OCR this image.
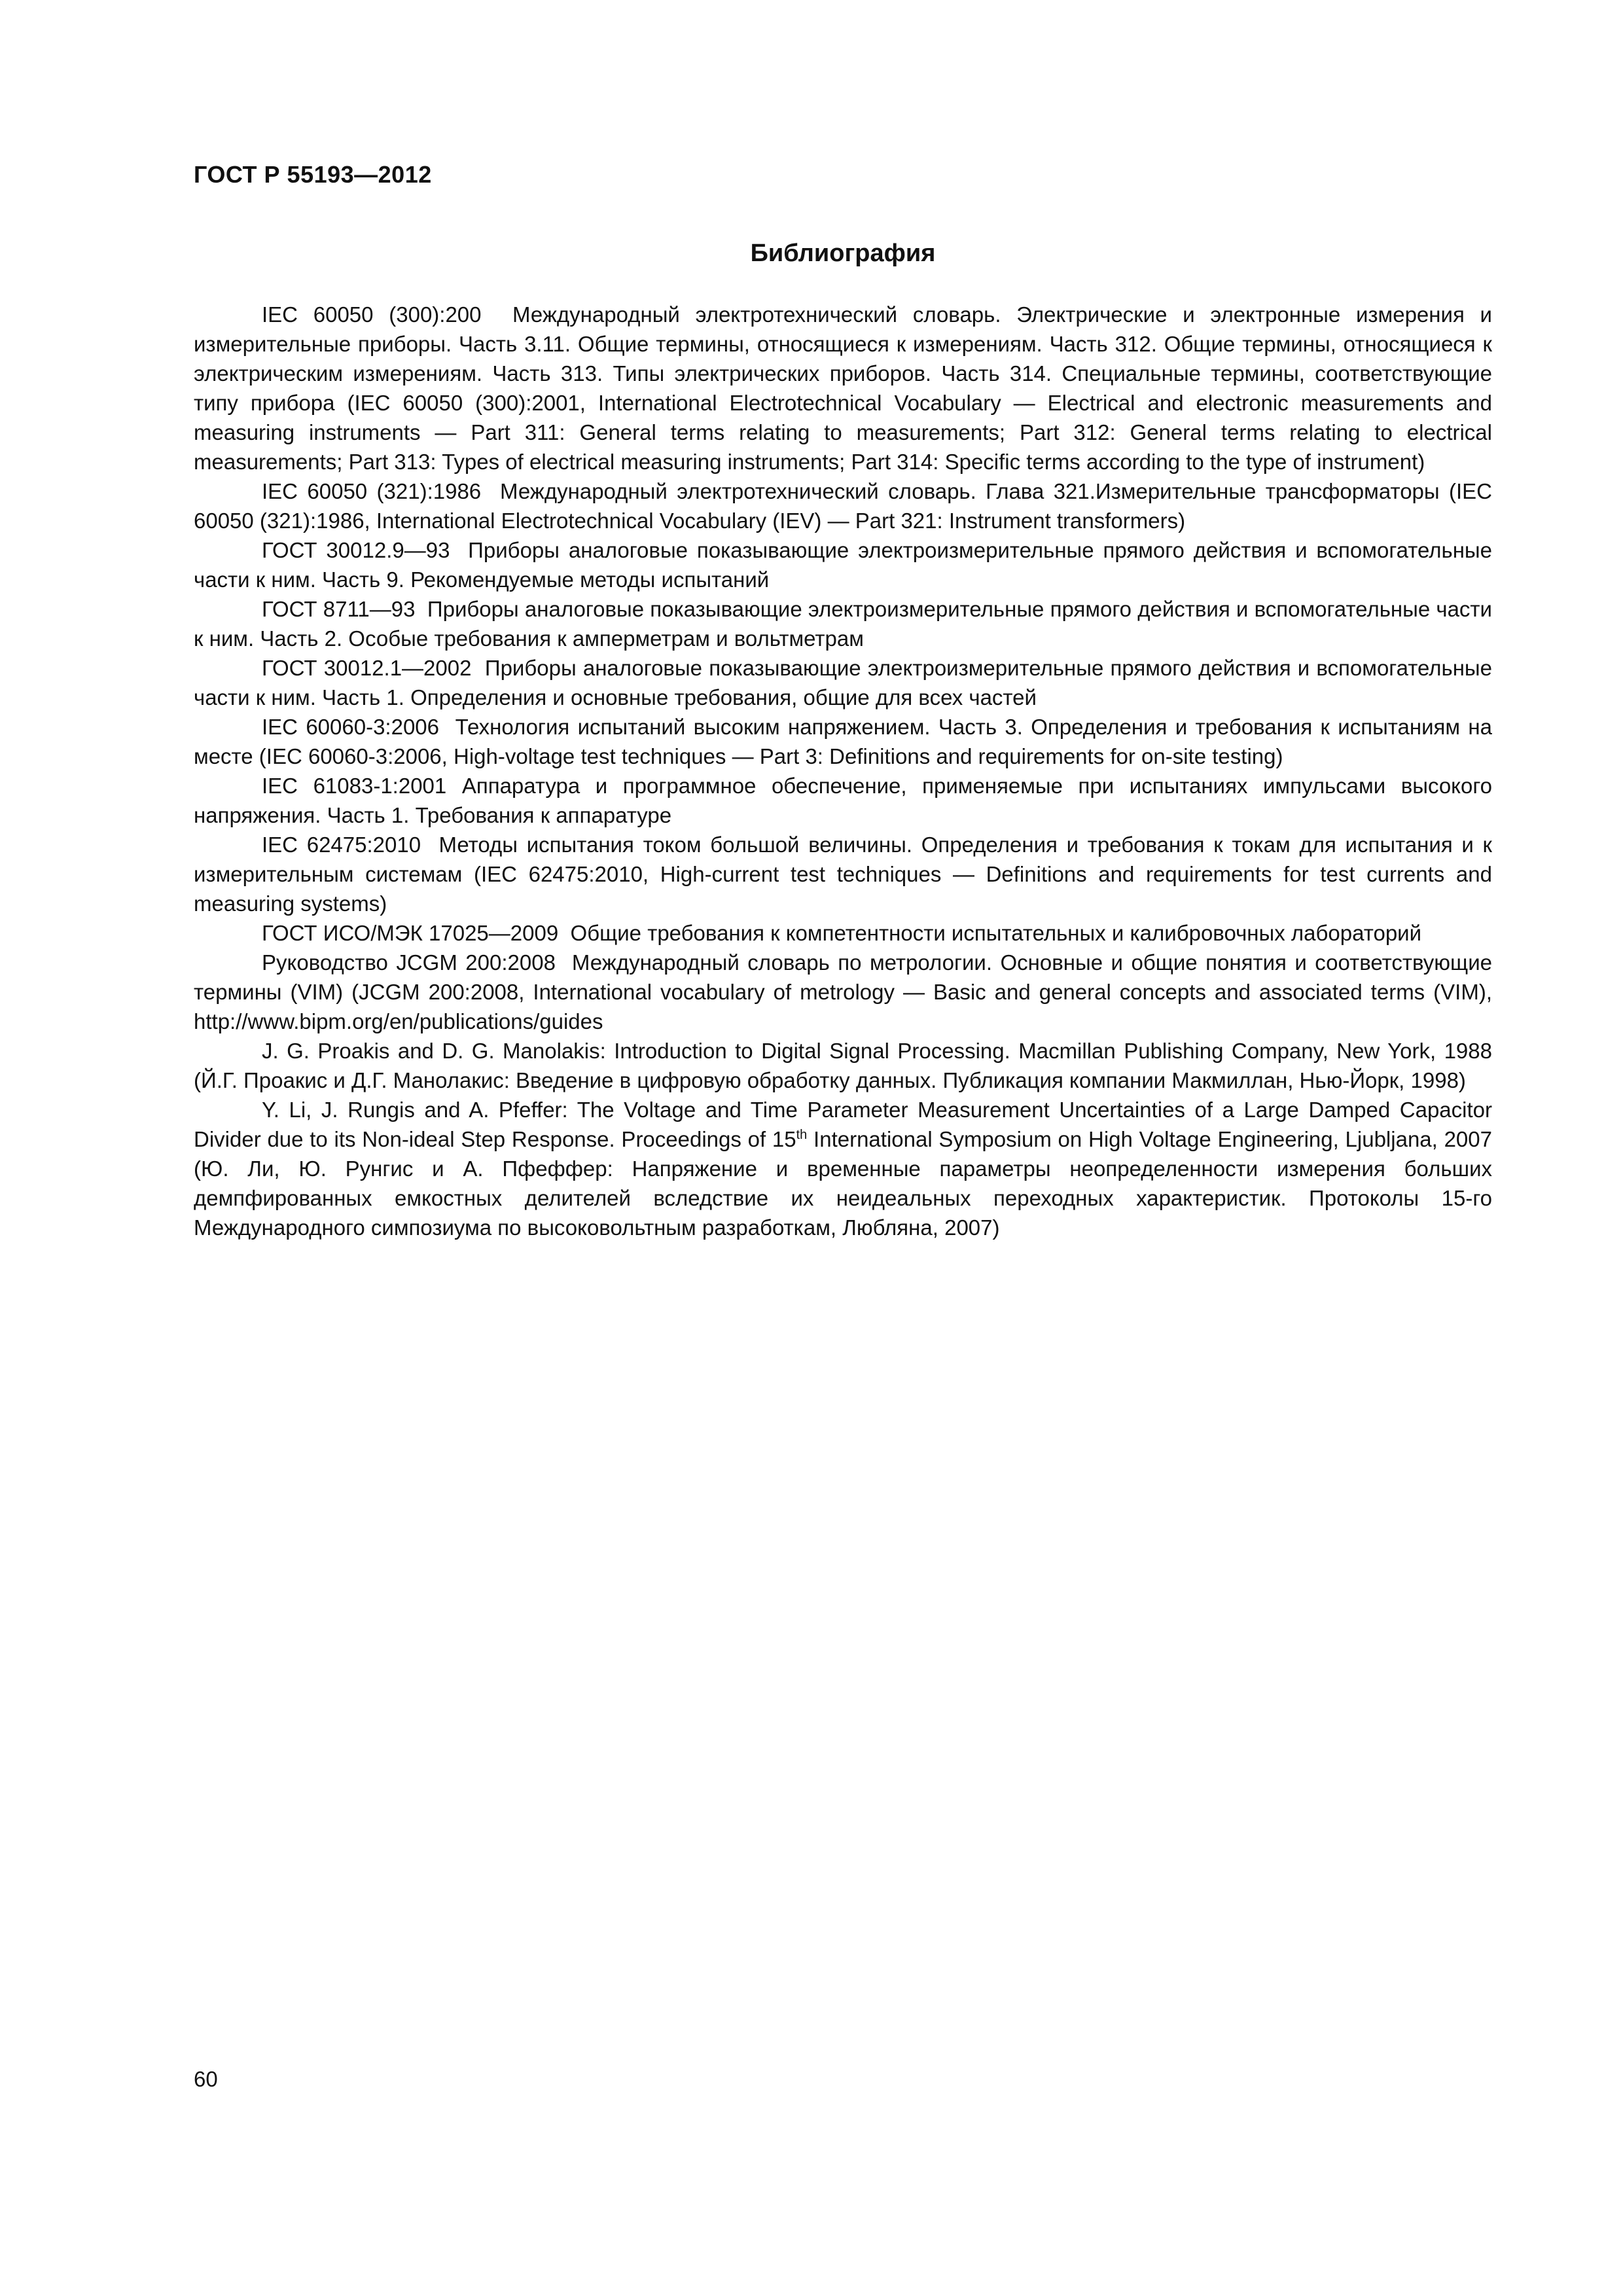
ГОСТ Р 55193—2012
Библиография

IEC 60050 (300):200 Международный электротехнический словарь. Электрические и электронные измерения и измерительные приборы. Часть 3.11. Общие термины, относящиеся к измерениям. Часть 312. Общие термины, относящиеся к электрическим измерениям. Часть 313. Типы электрических приборов. Часть 314. Специальные термины, соответствующие типу прибора (IEC 60050 (300):2001, International Electrotechnical Vocabulary — Electrical and electronic measurements and measuring instruments — Part 311: General terms relating to measurements; Part 312: General terms relating to electrical measurements; Part 313: Types of electrical measuring instruments; Part 314: Specific terms according to the type of instrument)

IEC 60050 (321):1986 Международный электротехнический словарь. Глава 321.Измерительные трансформаторы (IEC 60050 (321):1986, International Electrotechnical Vocabulary (IEV) — Part 321: Instrument transformers)

ГОСТ 30012.9—93 Приборы аналоговые показывающие электроизмерительные прямого действия и вспомогательные части к ним. Часть 9. Рекомендуемые методы испытаний

ГОСТ 8711—93 Приборы аналоговые показывающие электроизмерительные прямого действия и вспомогательные части к ним. Часть 2. Особые требования к амперметрам и вольтметрам

ГОСТ 30012.1—2002 Приборы аналоговые показывающие электроизмерительные прямого действия и вспомогательные части к ним. Часть 1. Определения и основные требования, общие для всех частей

IEC 60060-3:2006 Технология испытаний высоким напряжением. Часть 3. Определения и требования к испытаниям на месте (IEC 60060-3:2006, High-voltage test techniques — Part 3: Definitions and requirements for on-site testing)

IEC 61083-1:2001 Аппаратура и программное обеспечение, применяемые при испытаниях импульсами высокого напряжения. Часть 1. Требования к аппаратуре

IEC 62475:2010 Методы испытания током большой величины. Определения и требования к токам для испытания и к измерительным системам (IEC 62475:2010, High-current test techniques — Definitions and requirements for test currents and measuring systems)

ГОСТ ИСО/МЭК 17025—2009 Общие требования к компетентности испытательных и калибровочных лабораторий

Руководство JCGM 200:2008 Международный словарь по метрологии. Основные и общие понятия и соответствующие термины (VIM) (JCGM 200:2008, International vocabulary of metrology — Basic and general concepts and associated terms (VIM), http://www.bipm.org/en/publications/guides

J. G. Proakis and D. G. Manolakis: Introduction to Digital Signal Processing. Macmillan Publishing Company, New York, 1988 (Й.Г. Проакис и Д.Г. Манолакис: Введение в цифровую обработку данных. Публикация компании Макмиллан, Нью-Йорк, 1998)

Y. Li, J. Rungis and A. Pfeffer: The Voltage and Time Parameter Measurement Uncertainties of a Large Damped Capacitor Divider due to its Non-ideal Step Response. Proceedings of 15th International Symposium on High Voltage Engineering, Ljubljana, 2007 (Ю. Ли, Ю. Рунгис и А. Пфеффер: Напряжение и временные параметры неопределенности измерения больших демпфированных емкостных делителей вследствие их неидеальных переходных характеристик. Протоколы 15-го Международного симпозиума по высоковольтным разработкам, Любляна, 2007)

60
